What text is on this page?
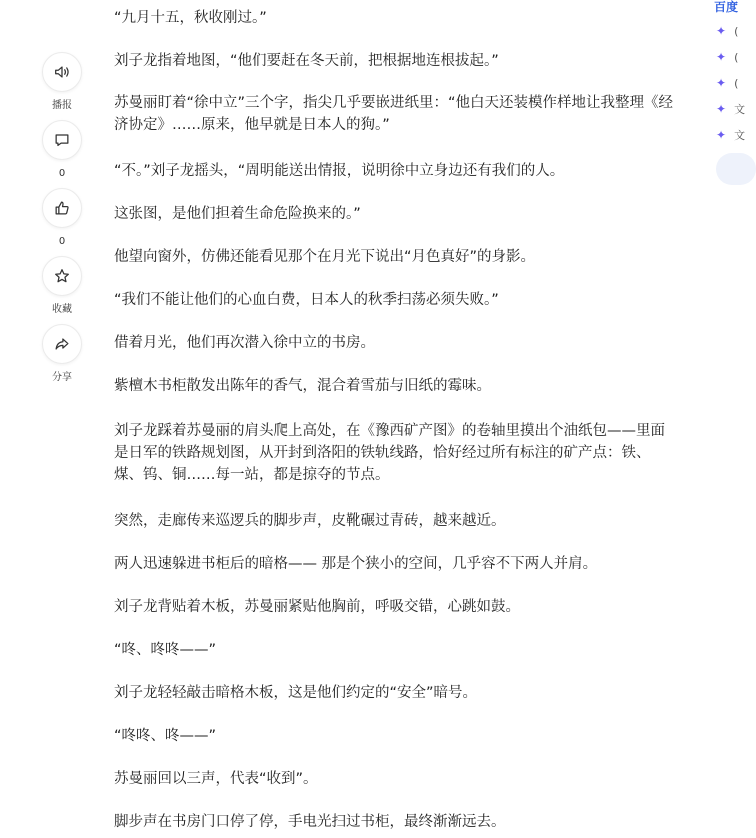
播报
0
0
收藏
分享

“九月十五，秋收刚过。”

刘子龙指着地图，“他们要赶在冬天前，把根据地连根拔起。”

苏曼丽盯着“徐中立”三个字，指尖几乎要嵌进纸里：“他白天还装模作样地让我整理《经济协定》……原来，他早就是日本人的狗。”

“不。”刘子龙摇头，“周明能送出情报，说明徐中立身边还有我们的人。

这张图，是他们担着生命危险换来的。”

他望向窗外，仿佛还能看见那个在月光下说出“月色真好”的身影。

“我们不能让他们的心血白费，日本人的秋季扫荡必须失败。”

借着月光，他们再次潜入徐中立的书房。

紫檀木书柜散发出陈年的香气，混合着雪茄与旧纸的霉味。

刘子龙踩着苏曼丽的肩头爬上高处，在《豫西矿产图》的卷轴里摸出个油纸包——里面是日军的铁路规划图，从开封到洛阳的铁轨线路，恰好经过所有标注的矿产点：铁、煤、钨、铜……每一站，都是掠夺的节点。

突然，走廊传来巡逻兵的脚步声，皮靴碾过青砖，越来越近。

两人迅速躲进书柜后的暗格—— 那是个狭小的空间，几乎容不下两人并肩。

刘子龙背贴着木板，苏曼丽紧贴他胸前，呼吸交错，心跳如鼓。

“咚、咚咚——”

刘子龙轻轻敲击暗格木板，这是他们约定的“安全”暗号。

“咚咚、咚——”

苏曼丽回以三声，代表“收到”。

脚步声在书房门口停了停，手电光扫过书柜，最终渐渐远去。

百度
✦ (
✦ (
✦ (
✦ 文
✦ 文
